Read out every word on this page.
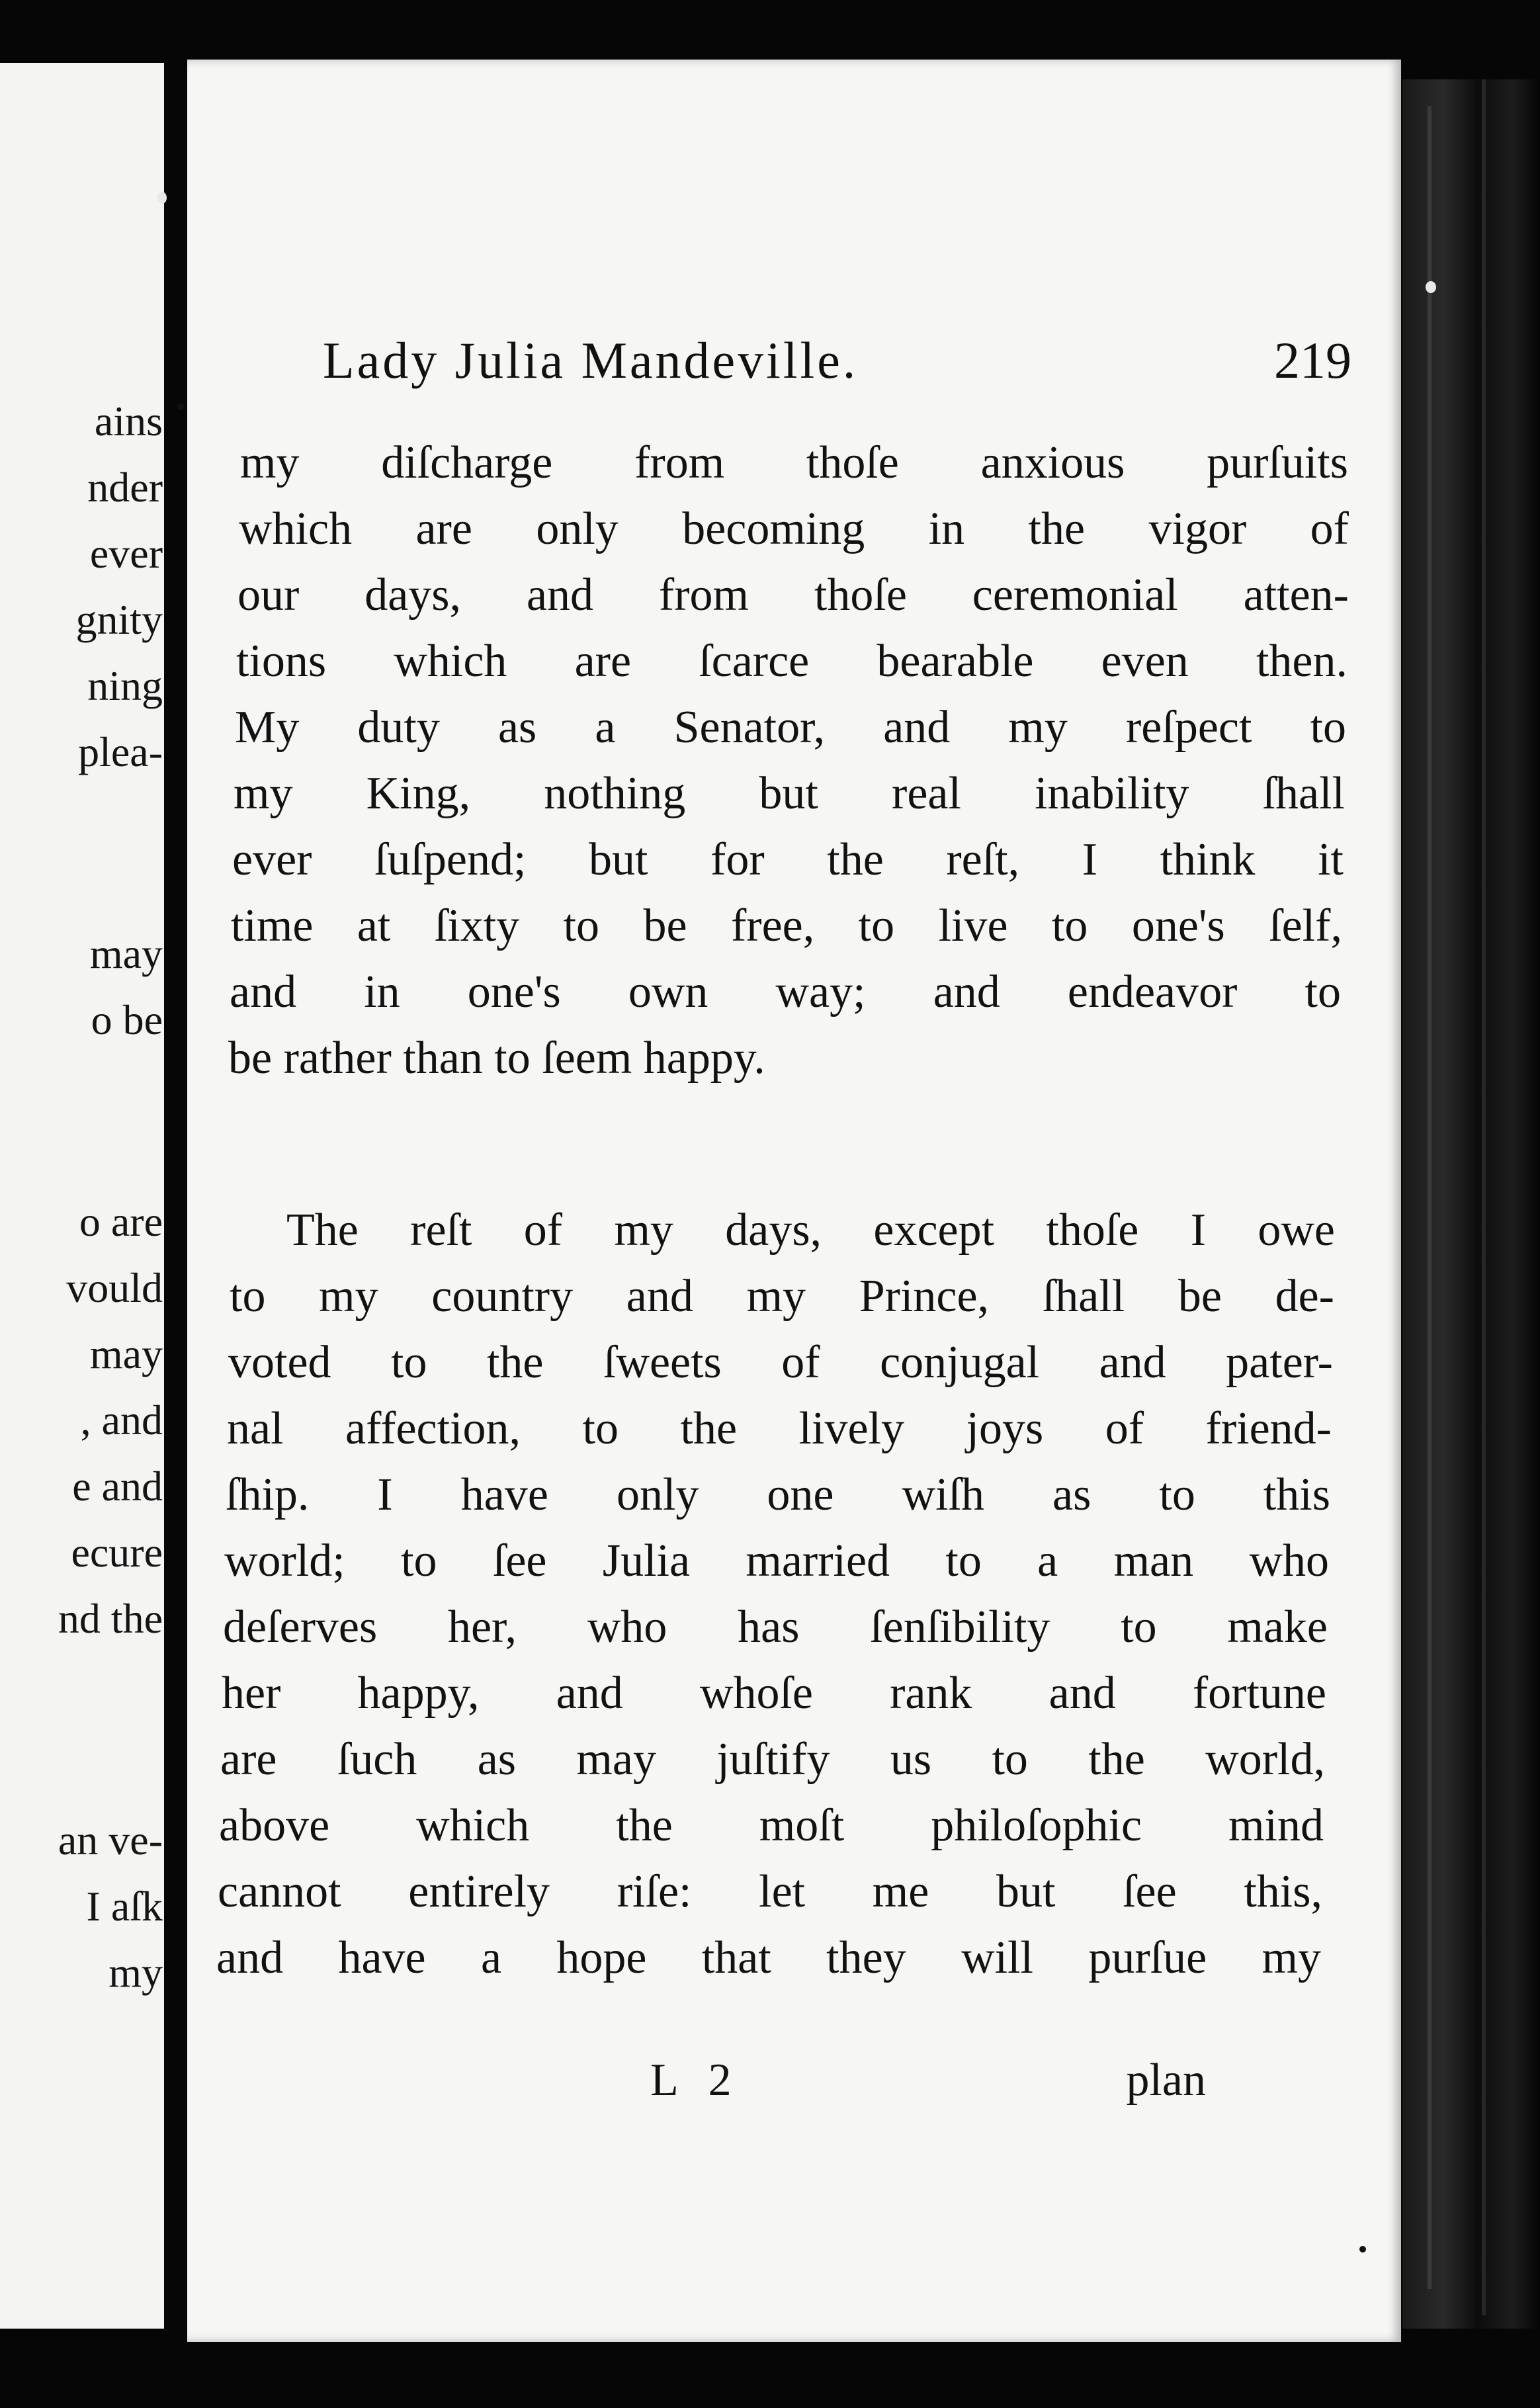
ains
nder
ever
gnity
ning
plea-
may
o be
o are
vould
may
, and
e and
ecure
nd the
an ve-
I aſk
my
Lady Julia Mandeville.	219
my diſcharge from thoſe anxious purſuits
which are only becoming in the vigor of
our days, and from thoſe ceremonial atten-
tions which are ſcarce bearable even then.
My duty as a Senator, and my reſpect to
my King, nothing but real inability ſhall
ever ſuſpend; but for the reſt, I think it
time at ſixty to be free, to live to one's ſelf,
and in one's own way; and endeavor to
be rather than to ſeem happy.
The reſt of my days, except thoſe I owe
to my country and my Prince, ſhall be de-
voted to the ſweets of conjugal and pater-
nal affection, to the lively joys of friend-
ſhip. I have only one wiſh as to this
world; to ſee Julia married to a man who
deſerves her, who has ſenſibility to make
her happy, and whoſe rank and fortune
are ſuch as may juſtify us to the world,
above which the moſt philoſophic mind
cannot entirely riſe: let me but ſee this,
and have a hope that they will purſue my
L 2	plan
